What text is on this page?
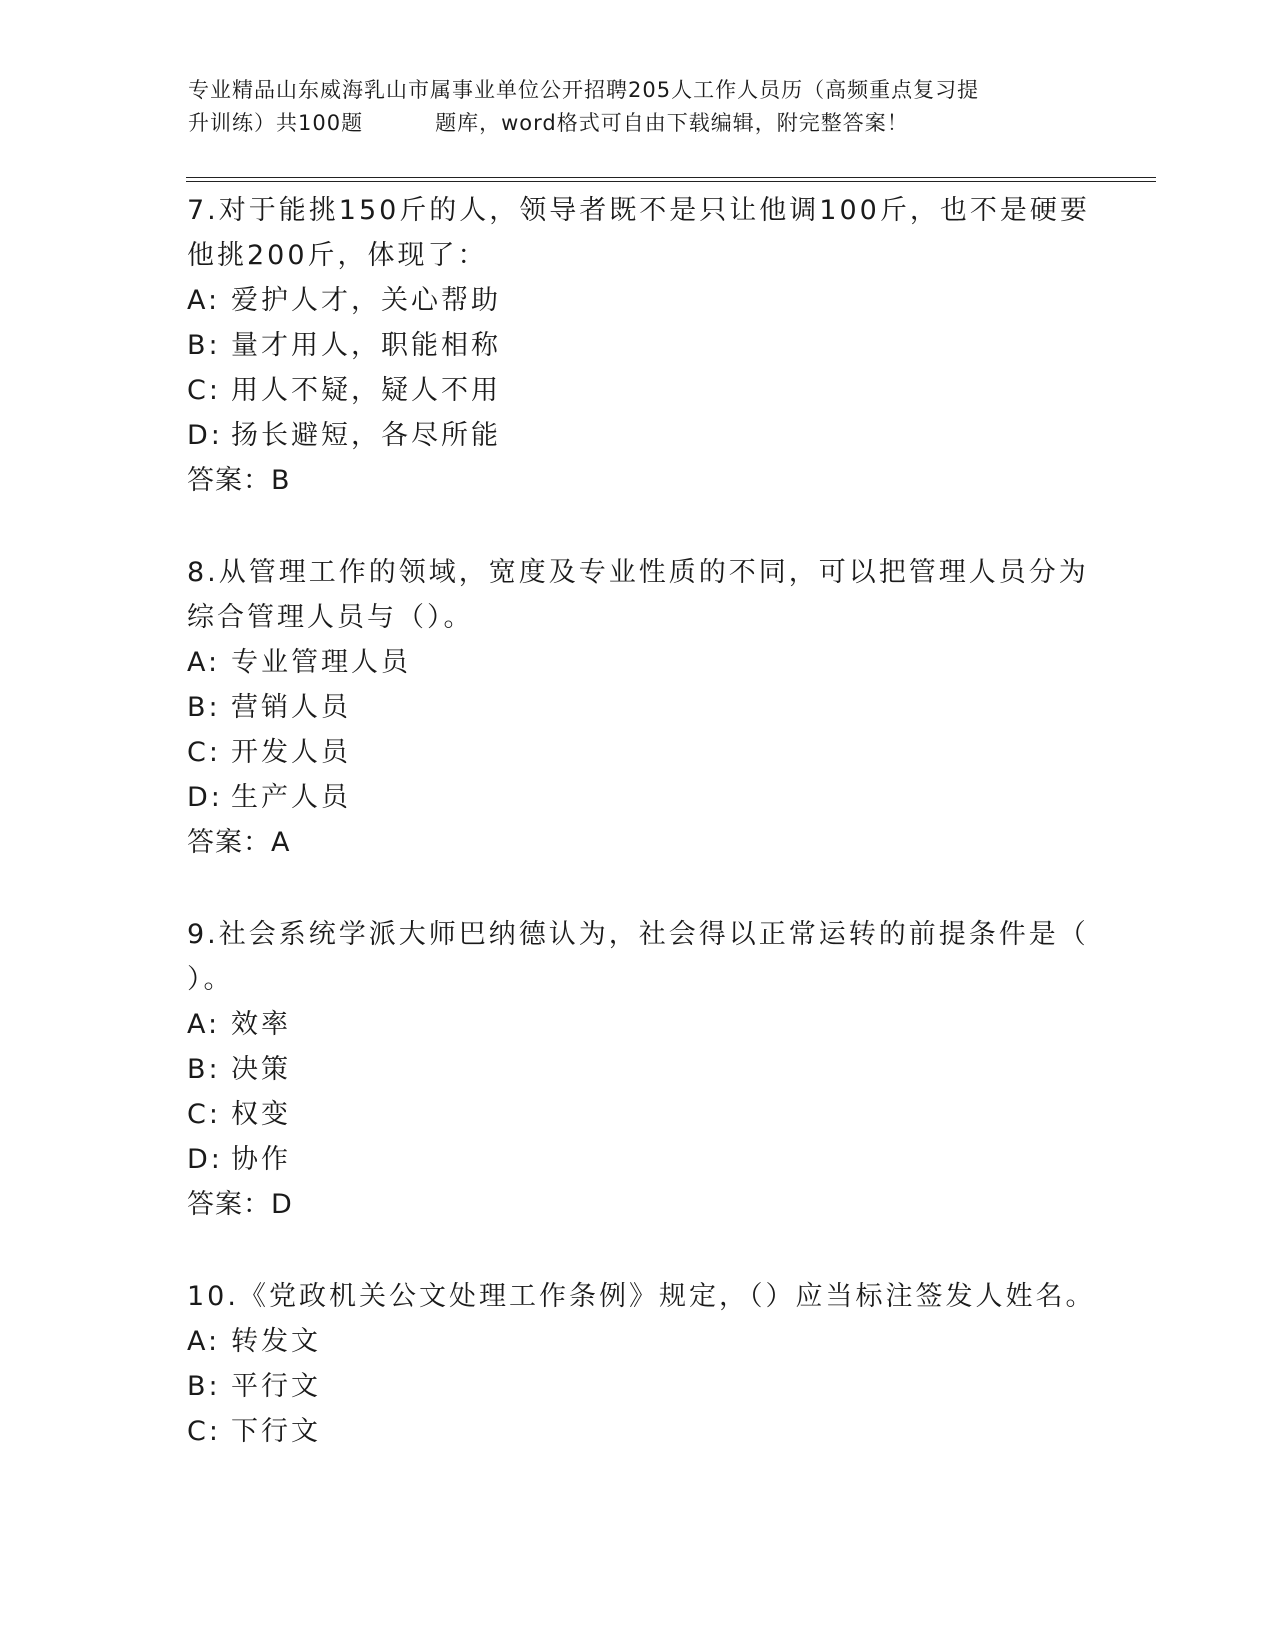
专业精品山东威海乳山市属事业单位公开招聘205人工作人员历（高频重点复习提
升训练）共100题	题库，word格式可自由下载编辑，附完整答案！
7.对于能挑150斤的人，领导者既不是只让他调100斤，也不是硬要
他挑200斤，体现了：
A: 爱护人才，关心帮助
B: 量才用人，职能相称
C: 用人不疑，疑人不用
D: 扬长避短，各尽所能
答案：B
8.从管理工作的领域，宽度及专业性质的不同，可以把管理人员分为
综合管理人员与（）。
A: 专业管理人员
B: 营销人员
C: 开发人员
D: 生产人员
答案：A
9.社会系统学派大师巴纳德认为，社会得以正常运转的前提条件是（
）。
A: 效率
B: 决策
C: 权变
D: 协作
答案：D
10.《党政机关公文处理工作条例》规定，（）应当标注签发人姓名。
A: 转发文
B: 平行文
C: 下行文
